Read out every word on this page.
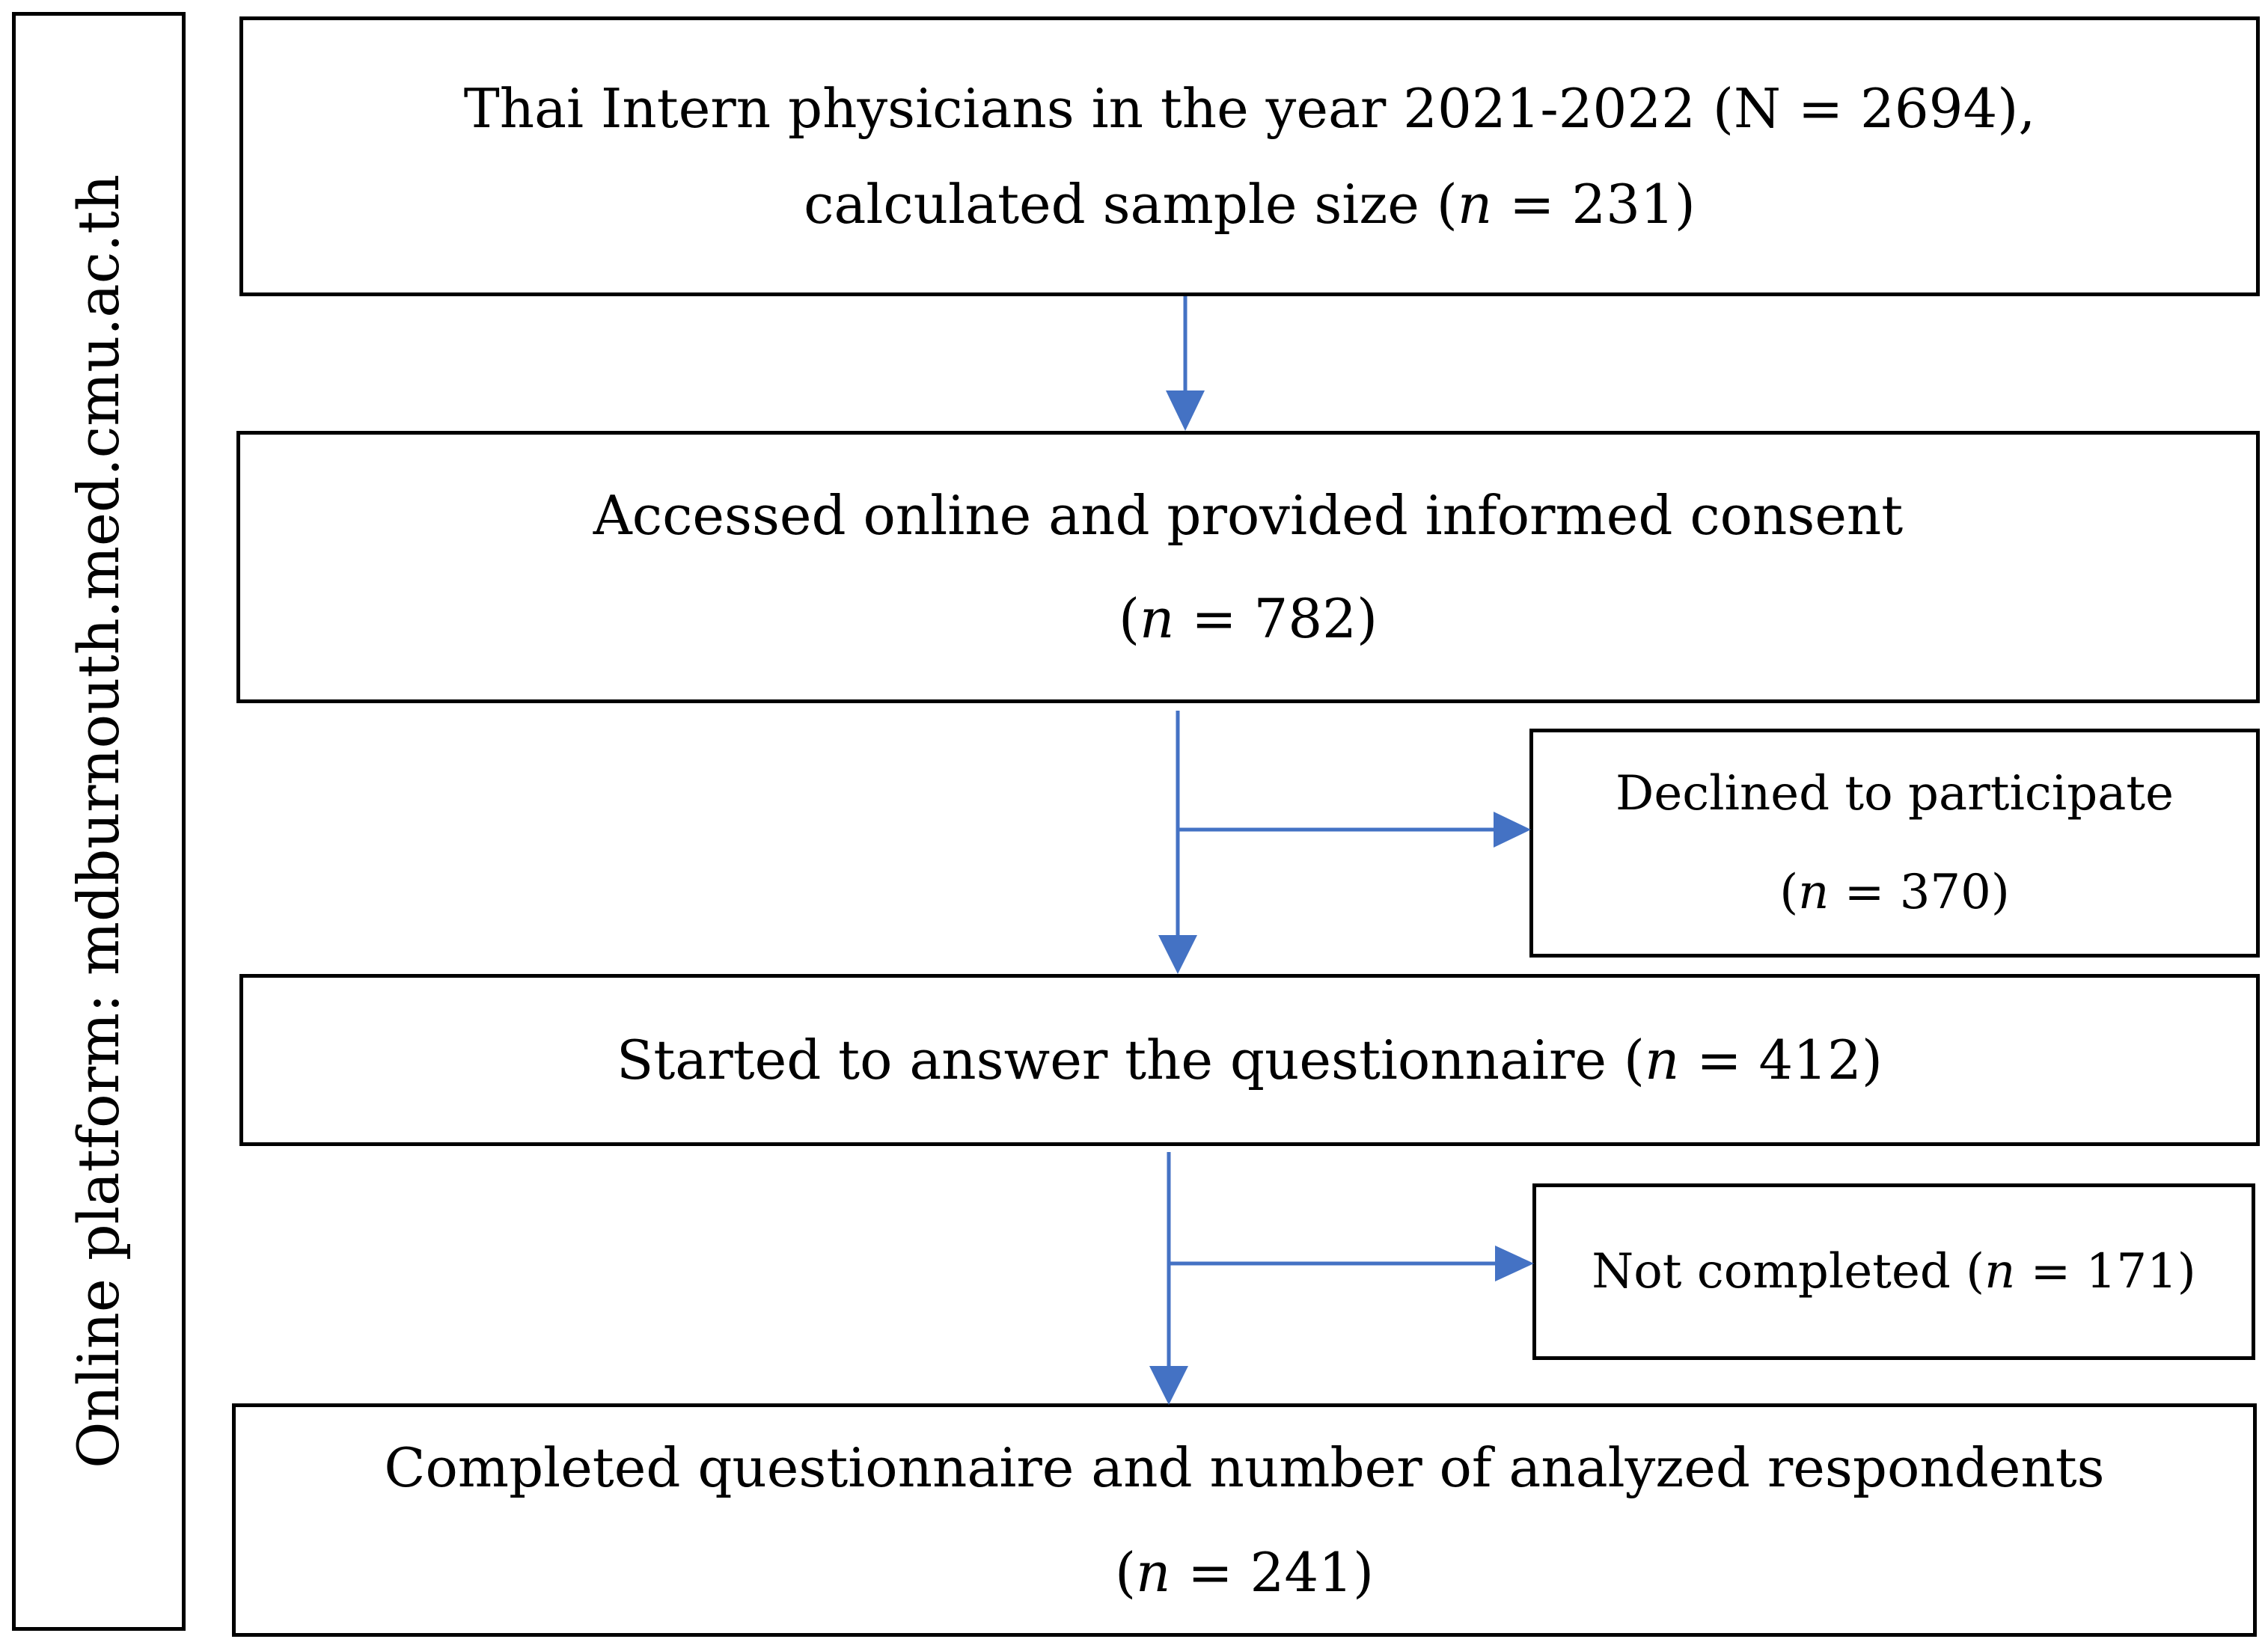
Online platform: mdburnouth.med.cmu.ac.th
Thai Intern physicians in the year 2021-2022 (N = 2694),
calculated sample size (n = 231)
Accessed online and provided informed consent
(n = 782)
Declined to participate
(n = 370)
Started to answer the questionnaire (n = 412)
Not completed (n = 171)
Completed questionnaire and number of analyzed respondents
(n = 241)
